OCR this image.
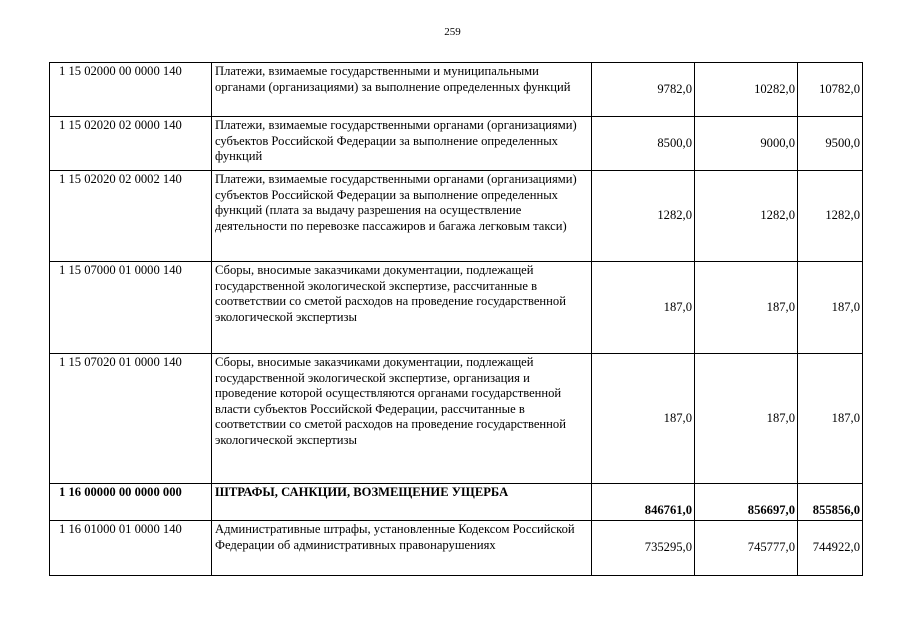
259
1 15 02000 00 0000 140	Платежи, взимаемые государственными и муниципальными органами (организациями) за выполнение определенных функций	9782,0	10282,0	10782,0
1 15 02020 02 0000 140	Платежи, взимаемые государственными органами (организациями) субъектов Российской Федерации за выполнение определенных функций	8500,0	9000,0	9500,0
1 15 02020 02 0002 140	Платежи, взимаемые государственными органами (организациями) субъектов Российской Федерации за выполнение определенных функций (плата за выдачу разрешения на осуществление деятельности по перевозке пассажиров и багажа легковым такси)	1282,0	1282,0	1282,0
1 15 07000 01 0000 140	Сборы, вносимые заказчиками документации, подлежащей государственной экологической экспертизе, рассчитанные в соответствии со сметой расходов на проведение государственной экологической экспертизы	187,0	187,0	187,0
1 15 07020 01 0000 140	Сборы, вносимые заказчиками документации, подлежащей государственной экологической экспертизе, организация и проведение которой осуществляются органами государственной власти субъектов Российской Федерации, рассчитанные в соответствии со сметой расходов на проведение государственной экологической экспертизы	187,0	187,0	187,0
1 16 00000 00 0000 000	ШТРАФЫ, САНКЦИИ, ВОЗМЕЩЕНИЕ УЩЕРБА	846761,0	856697,0	855856,0
1 16 01000 01 0000 140	Административные штрафы, установленные Кодексом Российской Федерации об административных правонарушениях	735295,0	745777,0	744922,0
